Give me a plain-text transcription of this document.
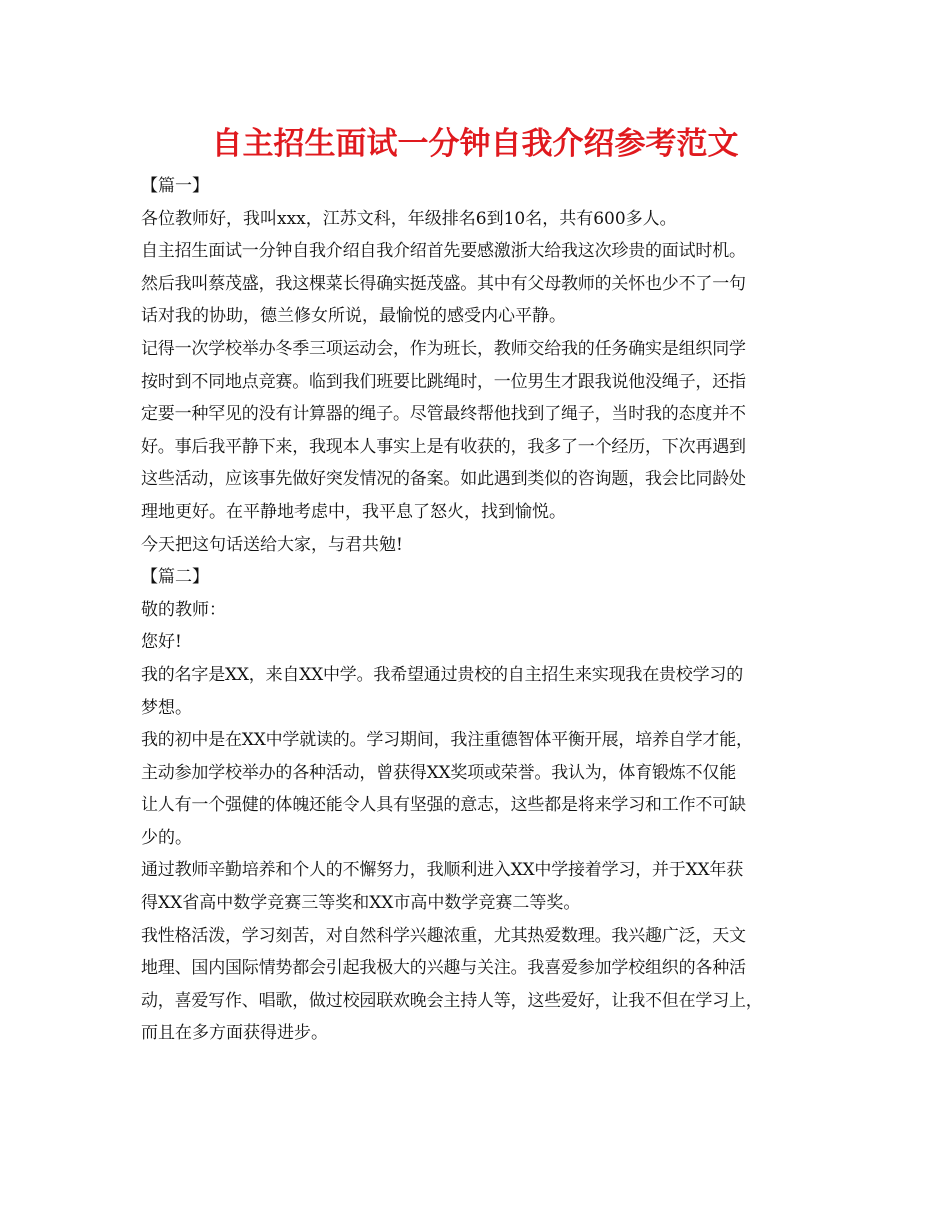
自主招生面试一分钟自我介绍参考范文
【篇一】
各位教师好，我叫xxx，江苏文科，年级排名6到10名，共有600多人。
自主招生面试一分钟自我介绍自我介绍首先要感激浙大给我这次珍贵的面试时机。
然后我叫蔡茂盛，我这棵菜长得确实挺茂盛。其中有父母教师的关怀也少不了一句
话对我的协助，德兰修女所说，最愉悦的感受内心平静。
记得一次学校举办冬季三项运动会，作为班长，教师交给我的任务确实是组织同学
按时到不同地点竞赛。临到我们班要比跳绳时，一位男生才跟我说他没绳子，还指
定要一种罕见的没有计算器的绳子。尽管最终帮他找到了绳子，当时我的态度并不
好。事后我平静下来，我现本人事实上是有收获的，我多了一个经历，下次再遇到
这些活动，应该事先做好突发情况的备案。如此遇到类似的咨询题，我会比同龄处
理地更好。在平静地考虑中，我平息了怒火，找到愉悦。
今天把这句话送给大家，与君共勉!
【篇二】
敬的教师：
您好!
我的名字是XX，来自XX中学。我希望通过贵校的自主招生来实现我在贵校学习的
梦想。
我的初中是在XX中学就读的。学习期间，我注重德智体平衡开展，培养自学才能，
主动参加学校举办的各种活动，曾获得XX奖项或荣誉。我认为，体育锻炼不仅能
让人有一个强健的体魄还能令人具有坚强的意志，这些都是将来学习和工作不可缺
少的。
通过教师辛勤培养和个人的不懈努力，我顺利进入XX中学接着学习，并于XX年获
得XX省高中数学竞赛三等奖和XX市高中数学竞赛二等奖。
我性格活泼，学习刻苦，对自然科学兴趣浓重，尤其热爱数理。我兴趣广泛，天文
地理、国内国际情势都会引起我极大的兴趣与关注。我喜爱参加学校组织的各种活
动，喜爱写作、唱歌，做过校园联欢晚会主持人等，这些爱好，让我不但在学习上，
而且在多方面获得进步。
